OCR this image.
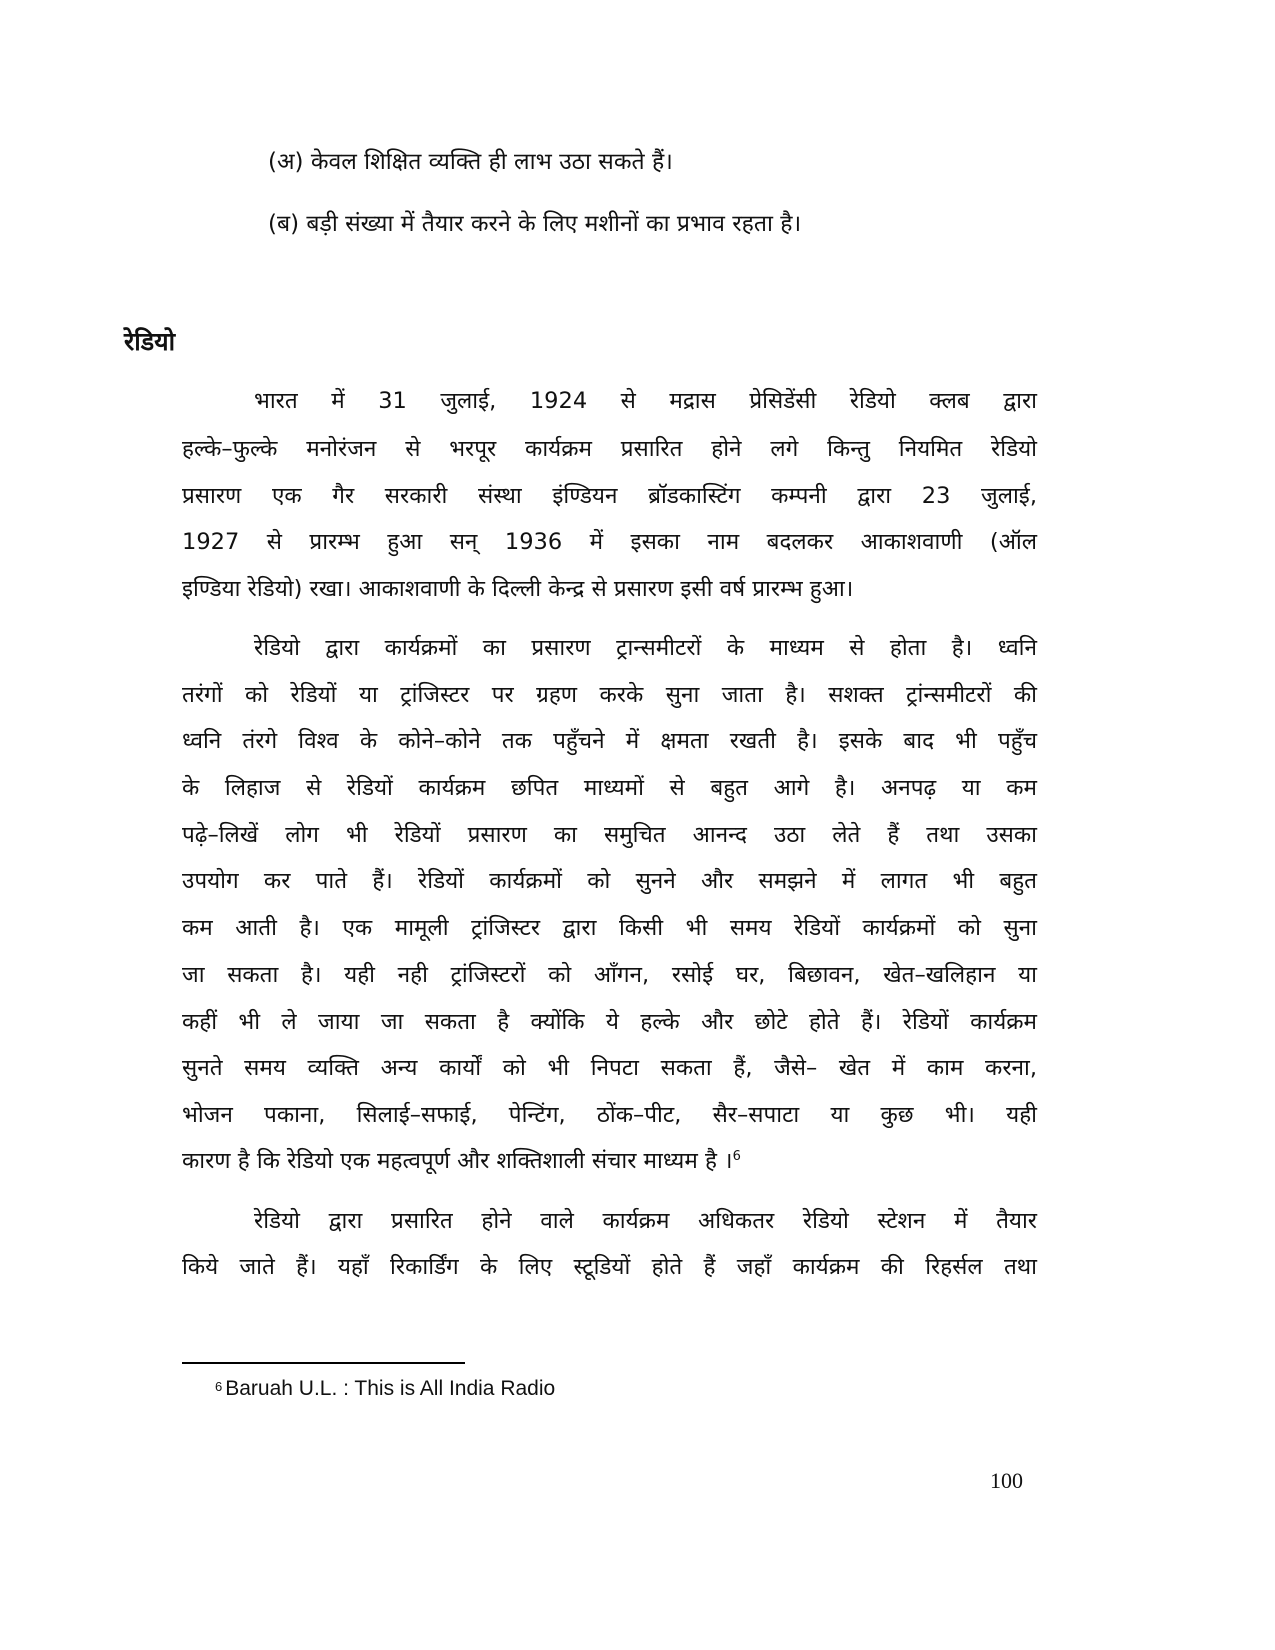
(अ) केवल शिक्षित व्यक्ति ही लाभ उठा सकते हैं।
(ब) बड़ी संख्या में तैयार करने के लिए मशीनों का प्रभाव रहता है।
रेडियो
भारत में 31 जुलाई, 1924 से मद्रास प्रेसिडेंसी रेडियो क्लब द्वारा
हल्के–फुल्के मनोरंजन से भरपूर कार्यक्रम प्रसारित होने लगे किन्तु नियमित रेडियो
प्रसारण एक गैर सरकारी संस्था इंण्डियन ब्रॉडकास्टिंग कम्पनी द्वारा 23 जुलाई,
1927 से प्रारम्भ हुआ सन् 1936 में इसका नाम बदलकर आकाशवाणी (ऑल
इण्डिया रेडियो) रखा। आकाशवाणी के दिल्ली केन्द्र से प्रसारण इसी वर्ष प्रारम्भ हुआ।
रेडियो द्वारा कार्यक्रमों का प्रसारण ट्रान्समीटरों के माध्यम से होता है। ध्वनि
तरंगों को रेडियों या ट्रांजिस्टर पर ग्रहण करके सुना जाता है। सशक्त ट्रांन्समीटरों की
ध्वनि तंरगे विश्व के कोने–कोने तक पहुँचने में क्षमता रखती है। इसके बाद भी पहुँच
के लिहाज से रेडियों कार्यक्रम छपित माध्यमों से बहुत आगे है। अनपढ़ या कम
पढ़े–लिखें लोग भी रेडियों प्रसारण का समुचित आनन्द उठा लेते हैं तथा उसका
उपयोग कर पाते हैं। रेडियों कार्यक्रमों को सुनने और समझने में लागत भी बहुत
कम आती है। एक मामूली ट्रांजिस्टर द्वारा किसी भी समय रेडियों कार्यक्रमों को सुना
जा सकता है। यही नही ट्रांजिस्टरों को आँगन, रसोई घर, बिछावन, खेत–खलिहान या
कहीं भी ले जाया जा सकता है क्योंकि ये हल्के और छोटे होते हैं। रेडियों कार्यक्रम
सुनते समय व्यक्ति अन्य कार्यों को भी निपटा सकता हैं, जैसे– खेत में काम करना,
भोजन पकाना, सिलाई–सफाई, पेन्टिंग, ठोंक–पीट, सैर–सपाटा या कुछ भी। यही
कारण है कि रेडियो एक महत्वपूर्ण और शक्तिशाली संचार माध्यम है ।$^6$
रेडियो द्वारा प्रसारित होने वाले कार्यक्रम अधिकतर रेडियो स्टेशन में तैयार
किये जाते हैं। यहाँ रिकार्डिंग के लिए स्टूडियों होते हैं जहाँ कार्यक्रम की रिहर्सल तथा
$^6$ Baruah U.L. : This is All India Radio
100
